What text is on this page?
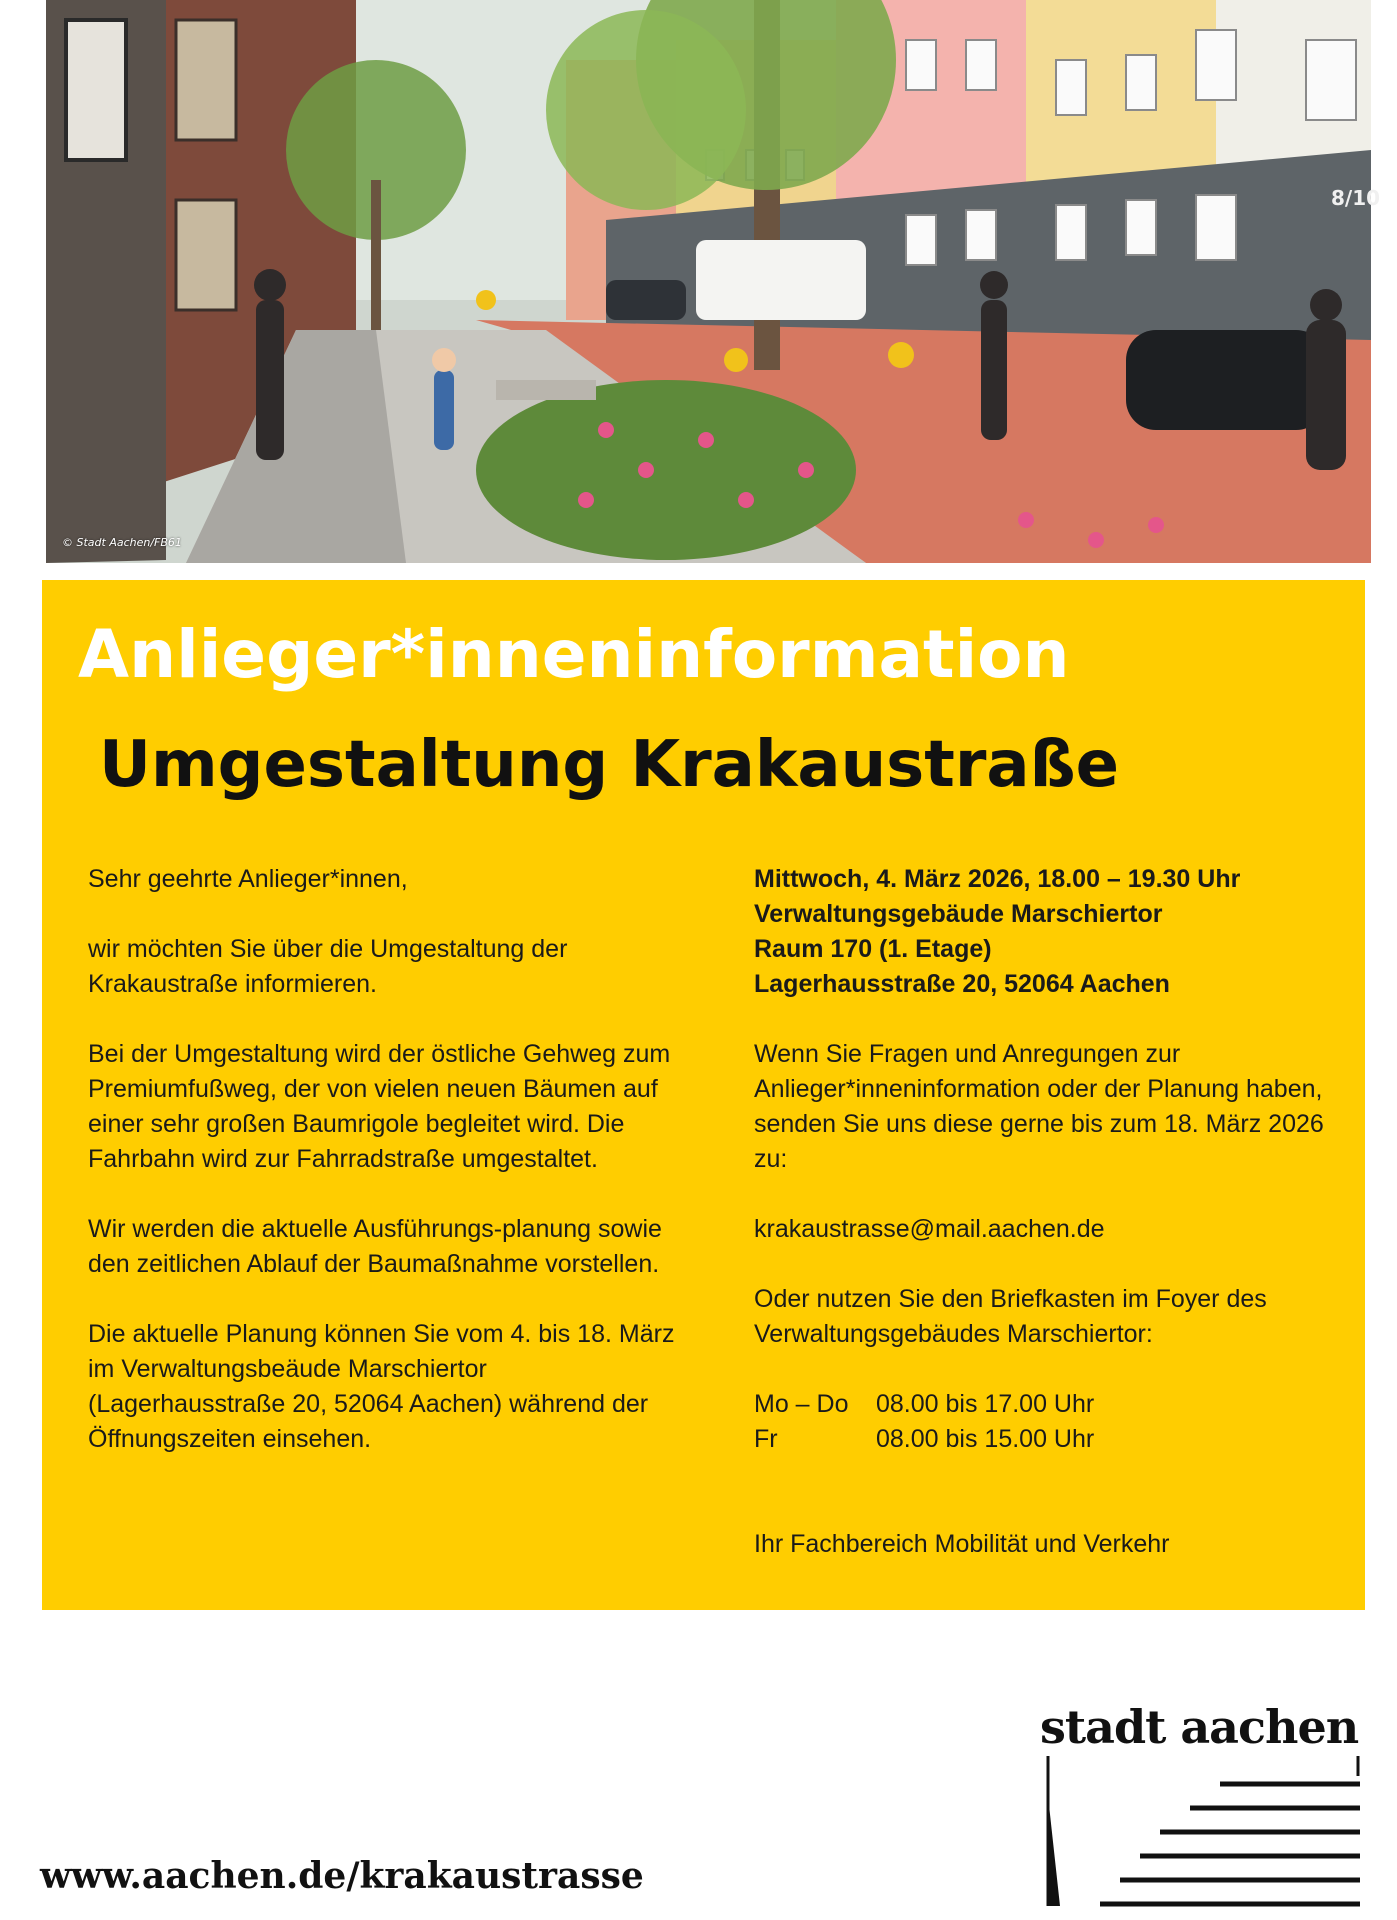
8/10
© Stadt Aachen/FB61
Anlieger*inneninformation
Umgestaltung Krakaustraße

Sehr geehrte Anlieger*innen,

wir möchten Sie über die Umgestaltung der Krakaustraße informieren.

Bei der Umgestaltung wird der östliche Gehweg zum Premiumfußweg, der von vielen neuen Bäumen auf einer sehr großen Baumrigole begleitet wird. Die Fahrbahn wird zur Fahrradstraße umgestaltet.

Wir werden die aktuelle Ausführungs-planung sowie den zeitlichen Ablauf der Baumaßnahme vorstellen.

Die aktuelle Planung können Sie vom 4. bis 18. März im Verwaltungsbeäude Marschiertor (Lagerhausstraße 20, 52064 Aachen) während der Öffnungszeiten einsehen.

Mittwoch, 4. März 2026, 18.00 – 19.30 Uhr
Verwaltungsgebäude Marschiertor
Raum 170 (1. Etage)
Lagerhausstraße 20, 52064 Aachen

Wenn Sie Fragen und Anregungen zur Anlieger*inneninformation oder der Planung haben, senden Sie uns diese gerne bis zum 18. März 2026 zu:

krakaustrasse@mail.aachen.de

Oder nutzen Sie den Briefkasten im Foyer des Verwaltungsgebäudes Marschiertor:

Mo – Do	08.00 bis 17.00 Uhr
Fr	08.00 bis 15.00 Uhr

Ihr Fachbereich Mobilität und Verkehr

stadt aachen
www.aachen.de/krakaustrasse
